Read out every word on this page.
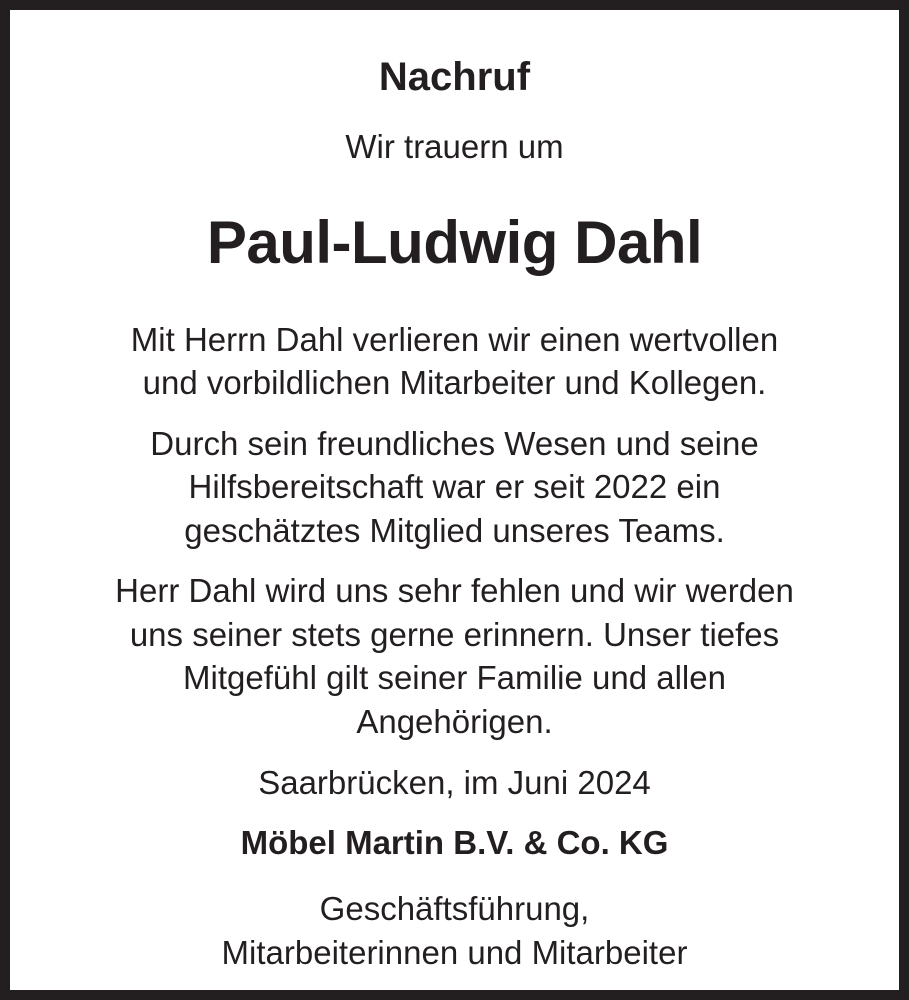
Nachruf
Wir trauern um
Paul-Ludwig Dahl
Mit Herrn Dahl verlieren wir einen wertvollen
und vorbildlichen Mitarbeiter und Kollegen.
Durch sein freundliches Wesen und seine
Hilfsbereitschaft war er seit 2022 ein
geschätztes Mitglied unseres Teams.
Herr Dahl wird uns sehr fehlen und wir werden
uns seiner stets gerne erinnern. Unser tiefes
Mitgefühl gilt seiner Familie und allen
Angehörigen.
Saarbrücken, im Juni 2024
Möbel Martin B.V. & Co. KG
Geschäftsführung,
Mitarbeiterinnen und Mitarbeiter
